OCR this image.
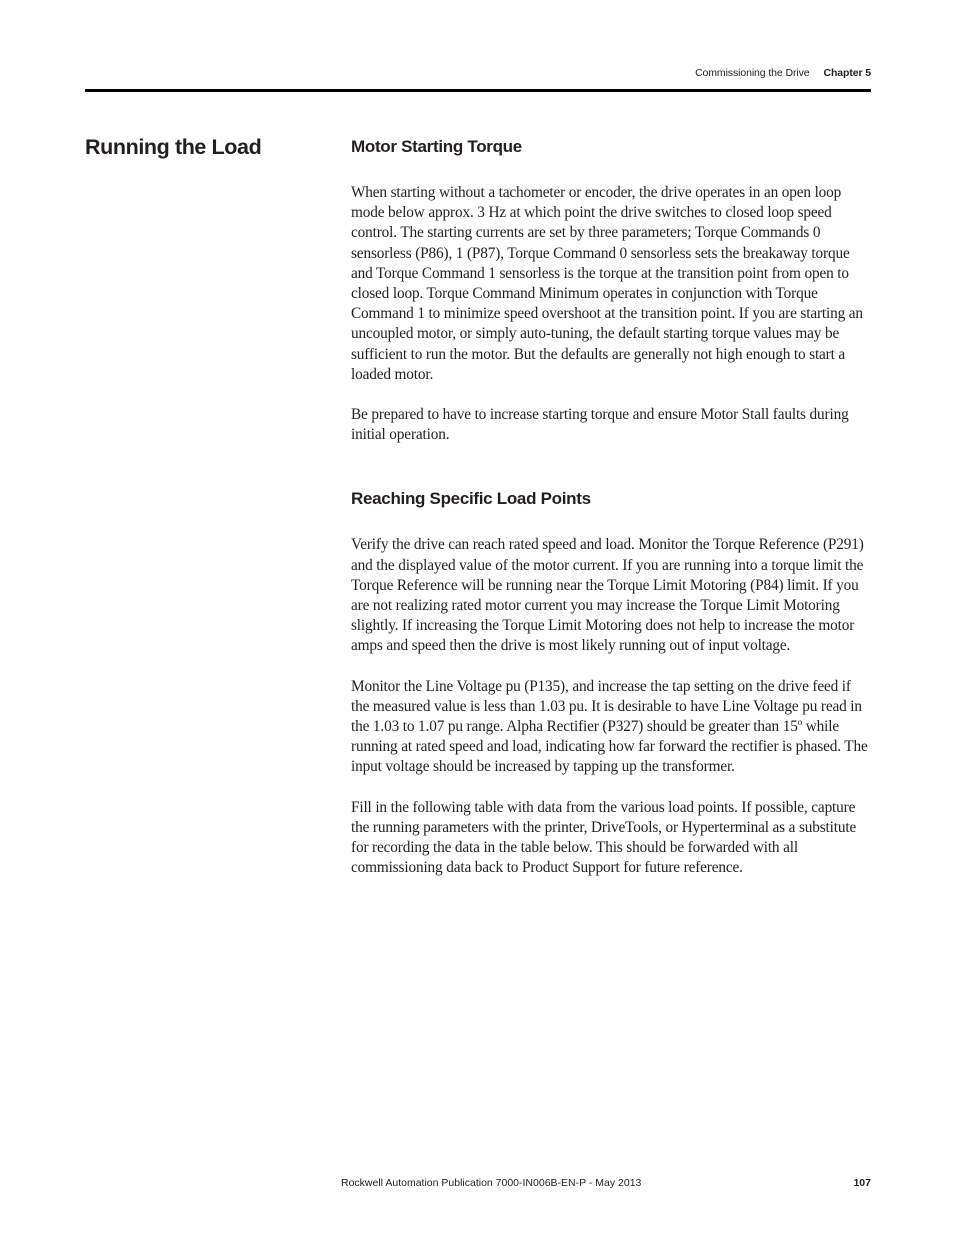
Commissioning the Drive Chapter 5
Running the Load	Motor Starting Torque

When starting without a tachometer or encoder, the drive operates in an open loop mode below approx. 3 Hz at which point the drive switches to closed loop speed control. The starting currents are set by three parameters; Torque Commands 0 sensorless (P86), 1 (P87), Torque Command 0 sensorless sets the breakaway torque and Torque Command 1 sensorless is the torque at the transition point from open to closed loop. Torque Command Minimum operates in conjunction with Torque Command 1 to minimize speed overshoot at the transition point. If you are starting an uncoupled motor, or simply auto-tuning, the default starting torque values may be sufficient to run the motor. But the defaults are generally not high enough to start a loaded motor.

Be prepared to have to increase starting torque and ensure Motor Stall faults during initial operation.

Reaching Specific Load Points

Verify the drive can reach rated speed and load. Monitor the Torque Reference (P291) and the displayed value of the motor current. If you are running into a torque limit the Torque Reference will be running near the Torque Limit Motoring (P84) limit. If you are not realizing rated motor current you may increase the Torque Limit Motoring slightly. If increasing the Torque Limit Motoring does not help to increase the motor amps and speed then the drive is most likely running out of input voltage.

Monitor the Line Voltage pu (P135), and increase the tap setting on the drive feed if the measured value is less than 1.03 pu. It is desirable to have Line Voltage pu read in the 1.03 to 1.07 pu range. Alpha Rectifier (P327) should be greater than 15$^o$ while running at rated speed and load, indicating how far forward the rectifier is phased. The input voltage should be increased by tapping up the transformer.

Fill in the following table with data from the various load points. If possible, capture the running parameters with the printer, DriveTools, or Hyperterminal as a substitute for recording the data in the table below. This should be forwarded with all commissioning data back to Product Support for future reference.

Rockwell Automation Publication 7000-IN006B-EN-P - May 2013	107
